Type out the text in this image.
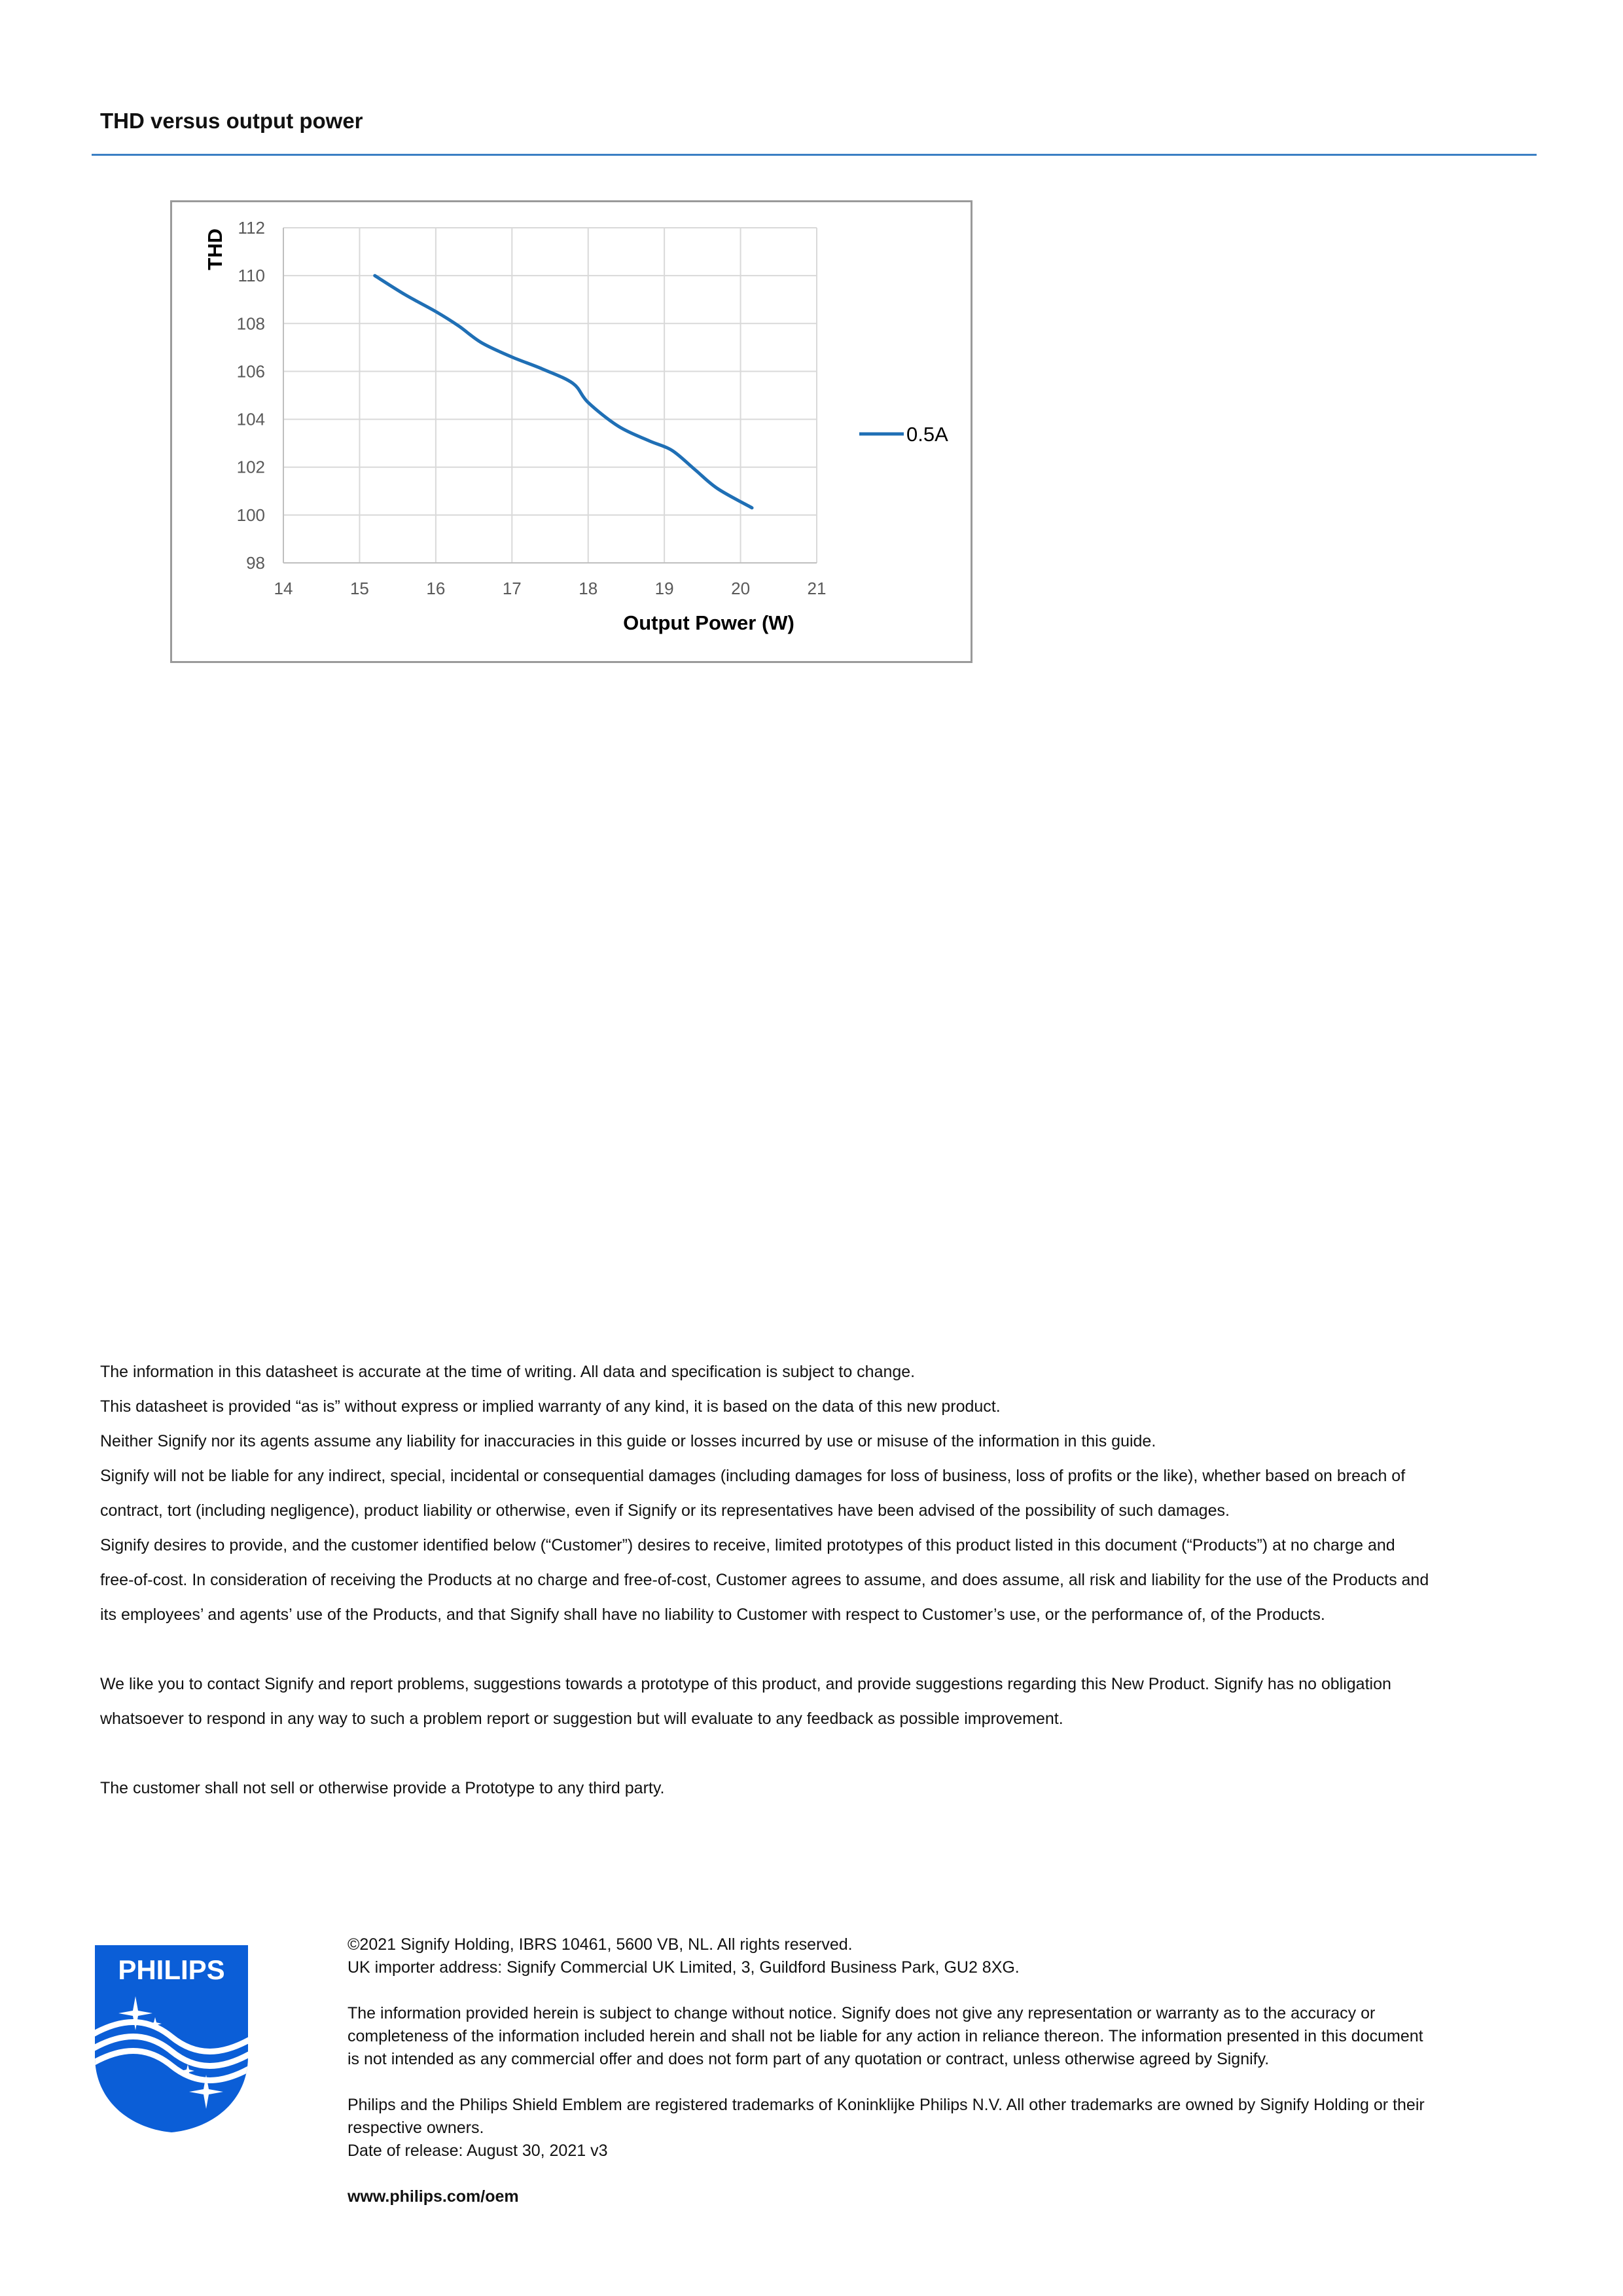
THD versus output power
14	15	16	17	18	19	20	21
98
100
102
104
106
108
110
112
Output Power (W)
THD
0.5A

The information in this datasheet is accurate at the time of writing. All data and specification is subject to change.

This datasheet is provided “as is” without express or implied warranty of any kind, it is based on the data of this new product.

Neither Signify nor its agents assume any liability for inaccuracies in this guide or losses incurred by use or misuse of the information in this guide.

Signify will not be liable for any indirect, special, incidental or consequential damages (including damages for loss of business, loss of profits or the like), whether based on breach of

contract, tort (including negligence), product liability or otherwise, even if Signify or its representatives have been advised of the possibility of such damages.

Signify desires to provide, and the customer identified below (“Customer”) desires to receive, limited prototypes of this product listed in this document (“Products”) at no charge and

free-of-cost. In consideration of receiving the Products at no charge and free-of-cost, Customer agrees to assume, and does assume, all risk and liability for the use of the Products and

its employees’ and agents’ use of the Products, and that Signify shall have no liability to Customer with respect to Customer’s use, or the performance of, of the Products.

We like you to contact Signify and report problems, suggestions towards a prototype of this product, and provide suggestions regarding this New Product. Signify has no obligation

whatsoever to respond in any way to such a problem report or suggestion but will evaluate to any feedback as possible improvement.

The customer shall not sell or otherwise provide a Prototype to any third party.

PHILIPS

©2021 Signify Holding, IBRS 10461, 5600 VB, NL. All rights reserved.

UK importer address: Signify Commercial UK Limited, 3, Guildford Business Park, GU2 8XG.

The information provided herein is subject to change without notice. Signify does not give any representation or warranty as to the accuracy or

completeness of the information included herein and shall not be liable for any action in reliance thereon. The information presented in this document

is not intended as any commercial offer and does not form part of any quotation or contract, unless otherwise agreed by Signify.

Philips and the Philips Shield Emblem are registered trademarks of Koninklijke Philips N.V. All other trademarks are owned by Signify Holding or their

respective owners.

Date of release: August 30, 2021 v3

www.philips.com/oem
